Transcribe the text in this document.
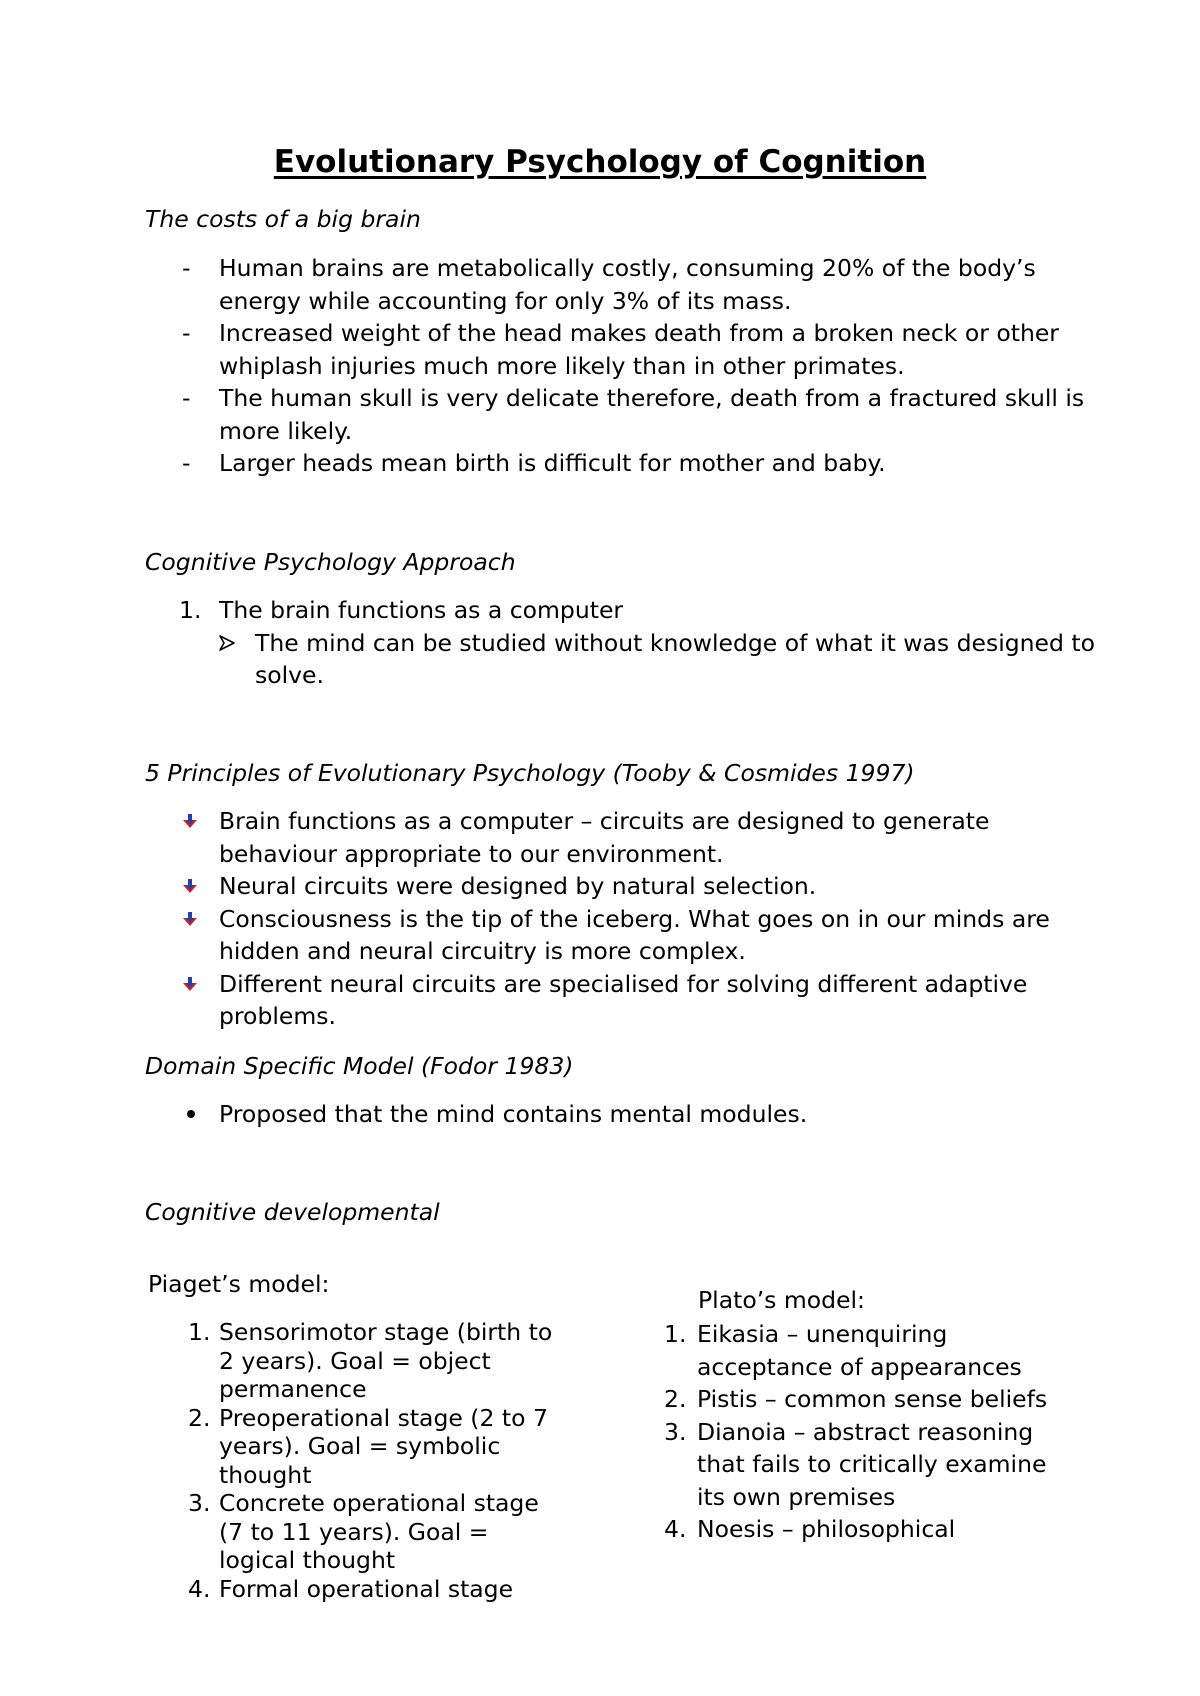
Evolutionary Psychology of Cognition
The costs of a big brain
- Human brains are metabolically costly, consuming 20% of the body’s energy while accounting for only 3% of its mass.
- Increased weight of the head makes death from a broken neck or other whiplash injuries much more likely than in other primates.
- The human skull is very delicate therefore, death from a fractured skull is more likely.
- Larger heads mean birth is difficult for mother and baby.
Cognitive Psychology Approach
1. The brain functions as a computer
The mind can be studied without knowledge of what it was designed to solve.
5 Principles of Evolutionary Psychology (Tooby & Cosmides 1997)
Brain functions as a computer – circuits are designed to generate behaviour appropriate to our environment.
Neural circuits were designed by natural selection.
Consciousness is the tip of the iceberg. What goes on in our minds are hidden and neural circuitry is more complex.
Different neural circuits are specialised for solving different adaptive problems.
Domain Specific Model (Fodor 1983)
Proposed that the mind contains mental modules.
Cognitive developmental
Piaget’s model:
1. Sensorimotor stage (birth to 2 years). Goal = object permanence
2. Preoperational stage (2 to 7 years). Goal = symbolic thought
3. Concrete operational stage (7 to 11 years). Goal = logical thought
4. Formal operational stage
Plato’s model:
1. Eikasia – unenquiring acceptance of appearances
2. Pistis – common sense beliefs
3. Dianoia – abstract reasoning that fails to critically examine its own premises
4. Noesis – philosophical
